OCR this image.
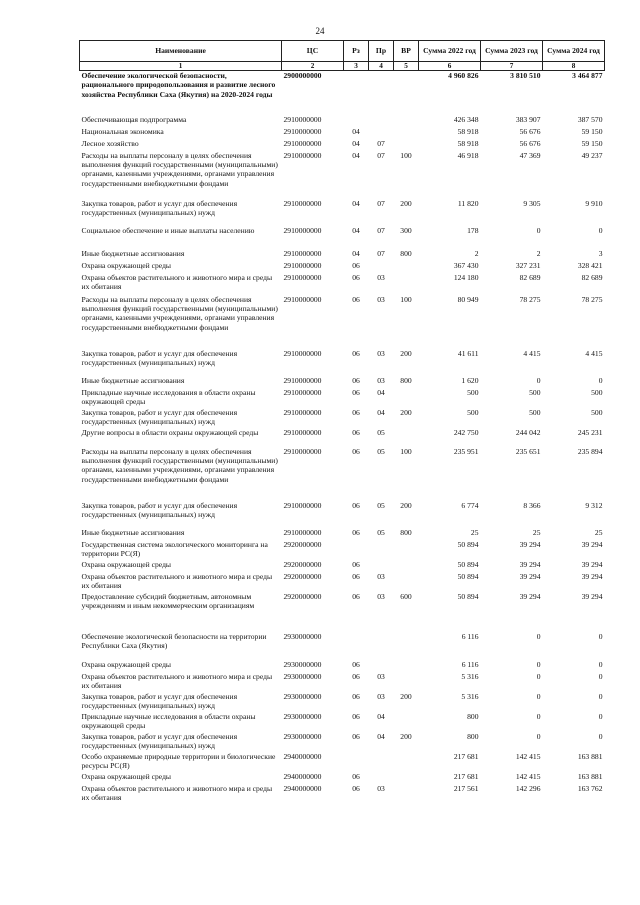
24
Наименование	ЦС	Рз	Пр	ВР	Сумма 2022 год	Сумма 2023 год	Сумма 2024 год
1	2	3	4	5	6	7	8
Обеспечение экологической безопасности, рационального природопользования и развитие лесного хозяйства Республики Саха (Якутия) на 2020-2024 годы	2900000000				4 960 826	3 810 510	3 464 877
Обеспечивающая подпрограмма	2910000000				426 348	383 907	387 570
Национальная экономика	2910000000	04			58 918	56 676	59 150
Лесное хозяйство	2910000000	04	07		58 918	56 676	59 150
Расходы на выплаты персоналу в целях обеспечения выполнения функций государственными (муниципальными) органами, казенными учреждениями, органами управления государственными внебюджетными фондами	2910000000	04	07	100	46 918	47 369	49 237
Закупка товаров, работ и услуг для обеспечения государственных (муниципальных) нужд	2910000000	04	07	200	11 820	9 305	9 910
Социальное обеспечение и иные выплаты населению	2910000000	04	07	300	178	0	0
Иные бюджетные ассигнования	2910000000	04	07	800	2	2	3
Охрана окружающей среды	2910000000	06			367 430	327 231	328 421
Охрана объектов растительного и животного мира и среды их обитания	2910000000	06	03		124 180	82 689	82 689
Расходы на выплаты персоналу в целях обеспечения выполнения функций государственными (муниципальными) органами, казенными учреждениями, органами управления государственными внебюджетными фондами	2910000000	06	03	100	80 949	78 275	78 275
Закупка товаров, работ и услуг для обеспечения государственных (муниципальных) нужд	2910000000	06	03	200	41 611	4 415	4 415
Иные бюджетные ассигнования	2910000000	06	03	800	1 620	0	0
Прикладные научные исследования в области охраны окружающей среды	2910000000	06	04		500	500	500
Закупка товаров, работ и услуг для обеспечения государственных (муниципальных) нужд	2910000000	06	04	200	500	500	500
Другие вопросы в области охраны окружающей среды	2910000000	06	05		242 750	244 042	245 231
Расходы на выплаты персоналу в целях обеспечения выполнения функций государственными (муниципальными) органами, казенными учреждениями, органами управления государственными внебюджетными фондами	2910000000	06	05	100	235 951	235 651	235 894
Закупка товаров, работ и услуг для обеспечения государственных (муниципальных) нужд	2910000000	06	05	200	6 774	8 366	9 312
Иные бюджетные ассигнования	2910000000	06	05	800	25	25	25
Государственная система экологического мониторинга на территории РС(Я)	2920000000				50 894	39 294	39 294
Охрана окружающей среды	2920000000	06			50 894	39 294	39 294
Охрана объектов растительного и животного мира и среды их обитания	2920000000	06	03		50 894	39 294	39 294
Предоставление субсидий бюджетным, автономным учреждениям и иным некоммерческим организациям	2920000000	06	03	600	50 894	39 294	39 294
Обеспечение экологической безопасности на территории Республики Саха (Якутия)	2930000000				6 116	0	0
Охрана окружающей среды	2930000000	06			6 116	0	0
Охрана объектов растительного и животного мира и среды их обитания	2930000000	06	03		5 316	0	0
Закупка товаров, работ и услуг для обеспечения государственных (муниципальных) нужд	2930000000	06	03	200	5 316	0	0
Прикладные научные исследования в области охраны окружающей среды	2930000000	06	04		800	0	0
Закупка товаров, работ и услуг для обеспечения государственных (муниципальных) нужд	2930000000	06	04	200	800	0	0
Особо охраняемые природные территории и биологические ресурсы РС(Я)	2940000000				217 681	142 415	163 881
Охрана окружающей среды	2940000000	06			217 681	142 415	163 881
Охрана объектов растительного и животного мира и среды их обитания	2940000000	06	03		217 561	142 296	163 762
